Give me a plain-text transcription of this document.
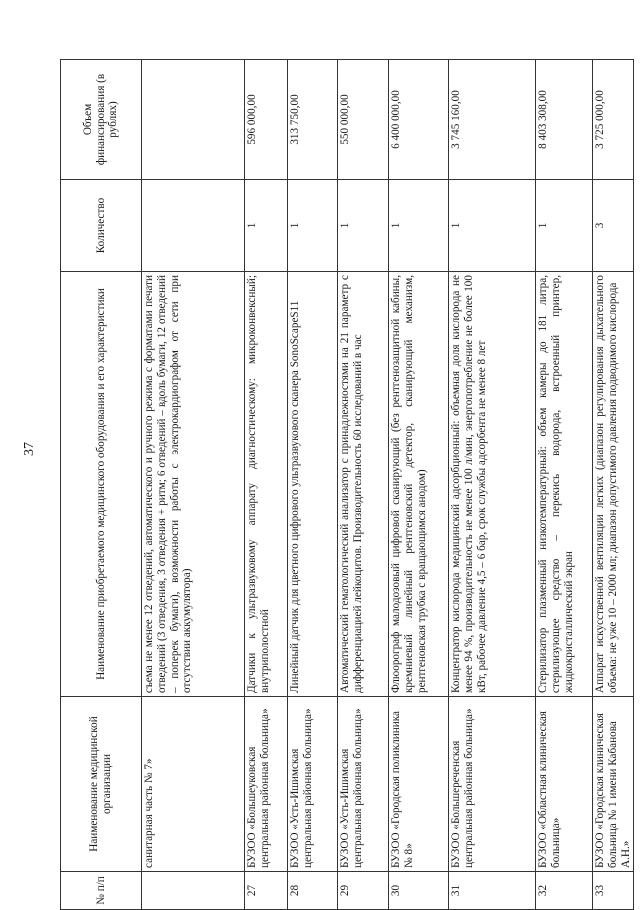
37
№ п/п	Наименование медицинской организации	Наименование приобретаемого медицинского оборудования и его характеристики	Количество	Объем финансирования (в рублях)
	санитарная часть № 7»	съема не менее 12 отведений, автоматического и ручного режима с форматами печати отведений (3 отведения, 3 отведения + ритм; 6 отведений – вдоль бумаги, 12 отведений – поперек бумаги), возможности работы с электрокардиографом от сети при отсутствии аккумулятора)		
27	БУЗОО «Большеуковская центральная районная больница»	Датчики к ультразвуковому аппарату диагностическому: микроконвексный; внутриполостной	1	596 000,00
28	БУЗОО «Усть-Ишимская центральная районная больница»	Линейный датчик для цветного цифрового ультразвукового сканера SonoScapeS11	1	313 750,00
29	БУЗОО «Усть-Ишимская центральная районная больница»	Автоматический гематологический анализатор с принадлежностями на 21 параметр с дифференциацией лейкоцитов. Производительность 60 исследований в час	1	550 000,00
30	БУЗОО «Городская поликлиника № 8»	Флюорограф малодозовый цифровой сканирующий (без рентгенозащитной кабины, кремниевый линейный рентгеновский детектор, сканирующий механизм, рентгеновская трубка с вращающимся анодом)	1	6 400 000,00
31	БУЗОО «Большереченская центральная районная больница»	Концентратор кислорода медицинский адсорбционный: объемная доля кислорода не менее 94 %, производительность не менее 100 л/мин, энергопотребление не более 100 кВт, рабочее давление 4,5 – 6 бар, срок службы адсорбента не менее 8 лет	1	3 745 160,00
32	БУЗОО «Областная клиническая больница»	Стерилизатор плазменный низкотемпературный: объем камеры до 181 литра, стерилизующее средство – перекись водорода, встроенный принтер, жидкокристаллический экран	1	8 403 308,00
33	БУЗОО «Городская клиническая больница № 1 имени Кабанова А.Н.»	Аппарат искусственной вентиляции легких (диапазон регулирования дыхательного объема: не уже 10 – 2000 мл; диапазон допустимого давления подводимого кислорода	3	3 725 000,00
